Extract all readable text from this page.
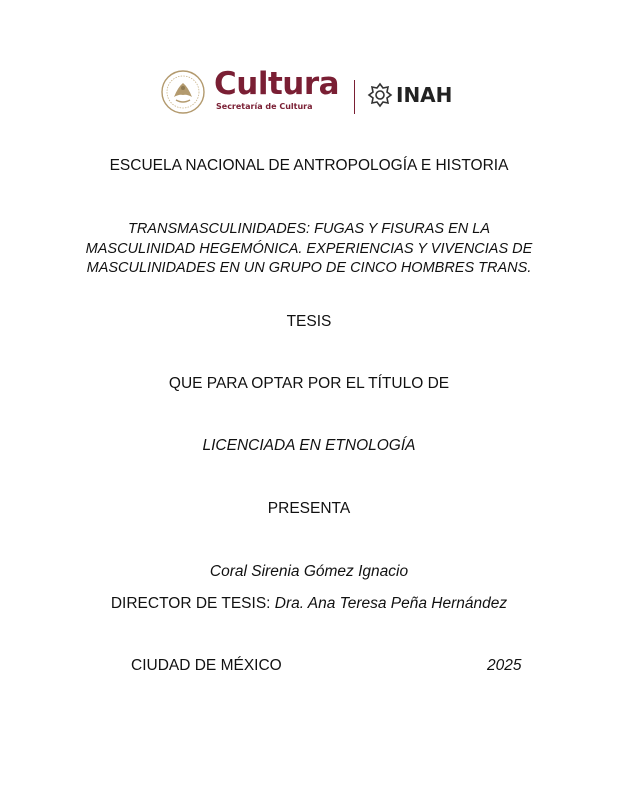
Cultura
Secretaría de Cultura	INAH
ESCUELA NACIONAL DE ANTROPOLOGÍA E HISTORIA
TRANSMASCULINIDADES: FUGAS Y FISURAS EN LA
MASCULINIDAD HEGEMÓNICA. EXPERIENCIAS Y VIVENCIAS DE
MASCULINIDADES EN UN GRUPO DE CINCO HOMBRES TRANS.
TESIS
QUE PARA OPTAR POR EL TÍTULO DE
LICENCIADA EN ETNOLOGÍA
PRESENTA
Coral Sirenia Gómez Ignacio
DIRECTOR DE TESIS: Dra. Ana Teresa Peña Hernández
CIUDAD DE MÉXICO	2025
